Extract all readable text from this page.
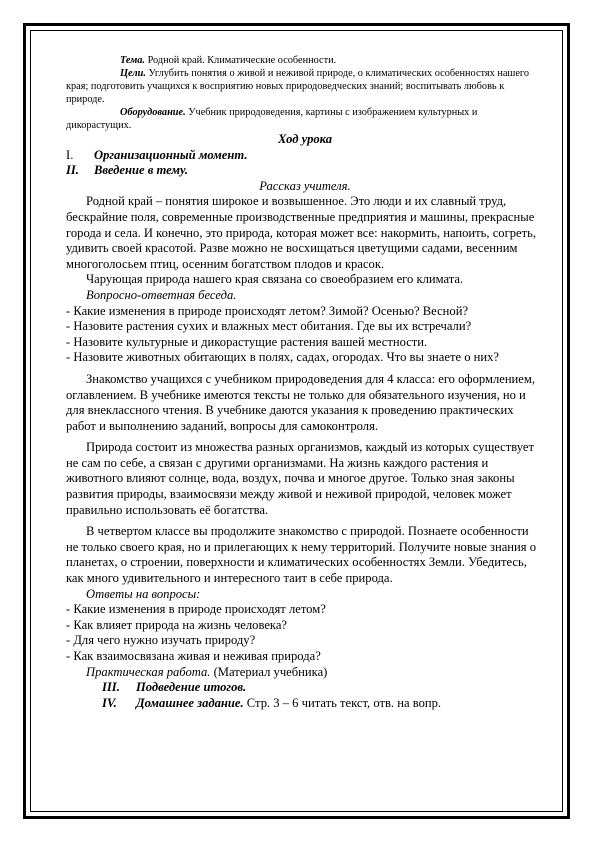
Тема. Родной край. Климатические особенности.

Цели. Углубить понятия о живой и неживой природе, о климатических особенностях нашего края; подготовить учащихся к восприятию новых природоведческих знаний; воспитывать любовь к природе.

Оборудование. Учебник природоведения, картины с изображением культурных и дикорастущих.

Ход урока

I. Организационный момент.
II. Введение в тему.

Рассказ учителя.

Родной край – понятия широкое и возвышенное. Это люди и их славный труд, бескрайние поля, современные производственные предприятия и машины, прекрасные города и села. И конечно, это природа, которая может все: накормить, напоить, согреть, удивить своей красотой. Разве можно не восхищаться цветущими садами, весенним многоголосьем птиц, осенним богатством плодов и красок.

Чарующая природа нашего края связана со своеобразием его климата.

Вопросно-ответная беседа.

- Какие изменения в природе происходят летом? Зимой? Осенью? Весной?

- Назовите растения сухих и влажных мест обитания. Где вы их встречали?

- Назовите культурные и дикорастущие растения вашей местности.

- Назовите животных обитающих в полях, садах, огородах. Что вы знаете о них?

Знакомство учащихся с учебником природоведения для 4 класса: его оформлением, оглавлением. В учебнике имеются тексты не только для обязательного изучения, но и для внеклассного чтения. В учебнике даются указания к проведению практических работ и выполнению заданий, вопросы для самоконтроля.

Природа состоит из множества разных организмов, каждый из которых существует не сам по себе, а связан с другими организмами. На жизнь каждого растения и животного влияют солнце, вода, воздух, почва и многое другое. Только зная законы развития природы, взаимосвязи между живой и неживой природой, человек может правильно использовать её богатства.

В четвертом классе вы продолжите знакомство с природой. Познаете особенности не только своего края, но и прилегающих к нему территорий. Получите новые знания о планетах, о строении, поверхности и климатических особенностях Земли. Убедитесь, как много удивительного и интересного таит в себе природа.

Ответы на вопросы:

- Какие изменения в природе происходят летом?

- Как влияет природа на жизнь человека?

- Для чего нужно изучать природу?

- Как взаимосвязана живая и неживая природа?

Практическая работа. (Материал учебника)

III. Подведение итогов.
IV. Домашнее задание. Стр. 3 – 6 читать текст, отв. на вопр.
